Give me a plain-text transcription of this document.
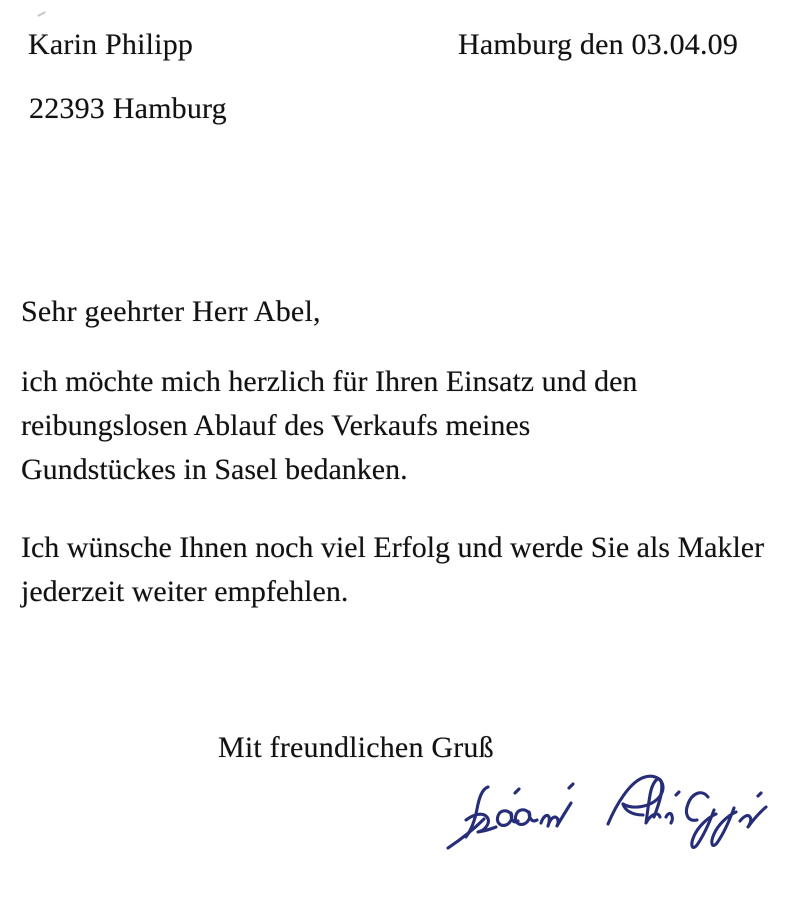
Karin Philipp	Hamburg den 03.04.09
22393 Hamburg
Sehr geehrter Herr Abel,
ich möchte mich herzlich für Ihren Einsatz und den
reibungslosen Ablauf des Verkaufs meines
Gundstückes in Sasel bedanken.
Ich wünsche Ihnen noch viel Erfolg und werde Sie als Makler
jederzeit weiter empfehlen.
Mit freundlichen Gruß
